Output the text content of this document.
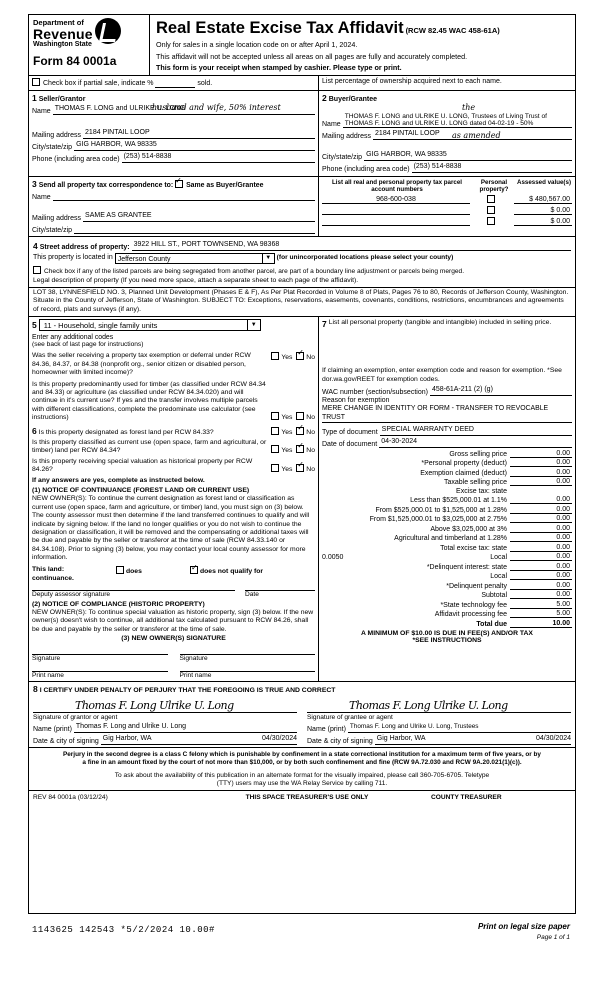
Department of
Revenue
Washington State
Form 84 0001a
Real Estate Excise Tax Affidavit (RCW 82.45 WAC 458-61A)
Only for sales in a single location code on or after April 1, 2024.
This affidavit will not be accepted unless all areas on all pages are fully and accurately completed.
This form is your receipt when stamped by cashier. Please type or print.
Check box if partial sale, indicate %	sold.	List percentage of ownership acquired next to each name.
1 Seller/Grantor
Name THOMAS F. LONG and ULRIKE U. LONG
husband and wife, 50% interest
Mailing address 2184 PINTAIL LOOP
City/state/zip GIG HARBOR, WA 98335
Phone (including area code) (253) 514-8838
2 Buyer/Grantee
the
Name
THOMAS F. LONG and ULRIKE U. LONG, Trustees of Living Trust of THOMAS F. LONG and ULRIKE U. LONG dated 04-02-19 - 50%
Mailing address 2184 PINTAIL LOOP	as amended
City/state/zip GIG HARBOR, WA 98335
Phone (including area code) (253) 514-8838
3 Send all property tax correspondence to: ✓ Same as Buyer/Grantee
Name
Mailing address SAME AS GRANTEE
City/state/zip
List all real and personal property tax parcel account numbers
Personal property?
Assessed value(s)
968-600-038	$ 480,567.00
$ 0.00
$ 0.00
4 Street address of property: 3922 HILL ST., PORT TOWNSEND, WA 98368
This property is located in Jefferson County	▼ (for unincorporated locations please select your county)
Check box if any of the listed parcels are being segregated from another parcel, are part of a boundary line adjustment or parcels being merged.
Legal description of property (If you need more space, attach a separate sheet to each page of the affidavit).
LOT 38, LYNNESFIELD NO. 3, Planned Unit Development (Phases E & F), As Per Plat Recorded in Volume 8 of Plats, Pages 76 to 80, Records of Jefferson County, Washington. Situate in the County of Jefferson, State of Washington. SUBJECT TO: Exceptions, reservations, easements, covenants, conditions, restrictions, encumbrances and agreements of record, plats and surveys (if any).
5 11 - Household, single family units	▼
Enter any additional codes
(see back of last page for instructions)
Was the seller receiving a property tax exemption or deferral under RCW 84.36, 84.37, or 84.38 (nonprofit org., senior citizen or disabled person, homeowner with limited income)?
Yes
✓
No
Is this property predominantly used for timber (as classified under RCW 84.34 and 84.33) or agriculture (as classified under RCW 84.34.020) and will continue in it's current use? If yes and the transfer involves multiple parcels with different classifications, complete the predominate use calculator (see instructions)	Yes No
6 Is this property designated as forest land per RCW 84.33?	Yes
✓
No
Is this property classified as current use (open space, farm and agricultural, or timber) land per RCW 84.34?	Yes
✓
No
Is this property receiving special valuation as historical property per RCW 84.26?	Yes
✓
No
If any answers are yes, complete as instructed below.
(1) NOTICE OF CONTINUANCE (FOREST LAND OR CURRENT USE)
NEW OWNER(S): To continue the current designation as forest land or classification as current use (open space, farm and agriculture, or timber) land, you must sign on (3) below. The county assessor must then determine if the land transferred continues to qualify and will indicate by signing below. If the land no longer qualifies or you do not wish to continue the designation or classification, it will be removed and the compensating or additional taxes will be due and payable by the seller or transferor at the time of sale (RCW 84.33.140 or 84.34.108). Prior to signing (3) below, you may contact your local county assessor for more information.
This land:	does	✓ does not qualify for
continuance.
Deputy assessor signature	Date
(2) NOTICE OF COMPLIANCE (HISTORIC PROPERTY)
NEW OWNER(S): To continue special valuation as historic property, sign (3) below. If the new owner(s) doesn't wish to continue, all additional tax calculated pursuant to RCW 84.26, shall be due and payable by the seller or transferor at the time of sale.
(3) NEW OWNER(S) SIGNATURE
Signature	Signature
Print name	Print name
7 List all personal property (tangible and intangible) included in selling price.
If claiming an exemption, enter exemption code and reason for exemption. *See dor.wa.gov/REET for exemption codes.
WAC number (section/subsection) 458-61A-211 (2) (g)
Reason for exemption
MERE CHANGE IN IDENTITY OR FORM - TRANSFER TO REVOCABLE TRUST
Type of document SPECIAL WARRANTY DEED
Date of document 04-30-2024
Gross selling price	0.00
*Personal property (deduct)	0.00
Exemption claimed (deduct)	0.00
Taxable selling price	0.00
Excise tax: state
Less than $525,000.01 at 1.1%	0.00
From $525,000.01 to $1,525,000 at 1.28%	0.00
From $1,525,000.01 to $3,025,000 at 2.75%	0.00
Above $3,025,000 at 3%	0.00
Agricultural and timberland at 1.28%	0.00
Total excise tax: state	0.00
0.0050	Local	0.00
*Delinquent interest: state	0.00
Local	0.00
*Delinquent penalty	0.00
Subtotal	0.00
*State technology fee	5.00
Affidavit processing fee	5.00
Total due	10.00
A MINIMUM OF $10.00 IS DUE IN FEE(S) AND/OR TAX
*SEE INSTRUCTIONS
8 I CERTIFY UNDER PENALTY OF PERJURY THAT THE FOREGOING IS TRUE AND CORRECT
Thomas F. Long Ulrike U. Long
Signature of grantor or agent
Name (print) Thomas F. Long and Ulrike U. Long
Date & city of signing Gig Harbor, WA	04/30/2024
Thomas F. Long Ulrike U. Long
Signature of grantee or agent
Name (print) Thomas F. Long and Ulrike U. Long, Trustees
Date & city of signing Gig Harbor, WA	04/30/2024
Perjury in the second degree is a class C felony which is punishable by confinement in a state correctional institution for a maximum term of five years, or by
a fine in an amount fixed by the court of not more than $10,000, or by both such confinement and fine (RCW 9A.72.030 and RCW 9A.20.021(1)(c)).
To ask about the availability of this publication in an alternate format for the visually impaired, please call 360-705-6705. Teletype
(TTY) users may use the WA Relay Service by calling 711.
REV 84 0001a (03/12/24)	THIS SPACE TREASURER'S USE ONLY	COUNTY TREASURER
1143625 142543 *5/2/2024 10.00#	Print on legal size paper
Page 1 of 1
